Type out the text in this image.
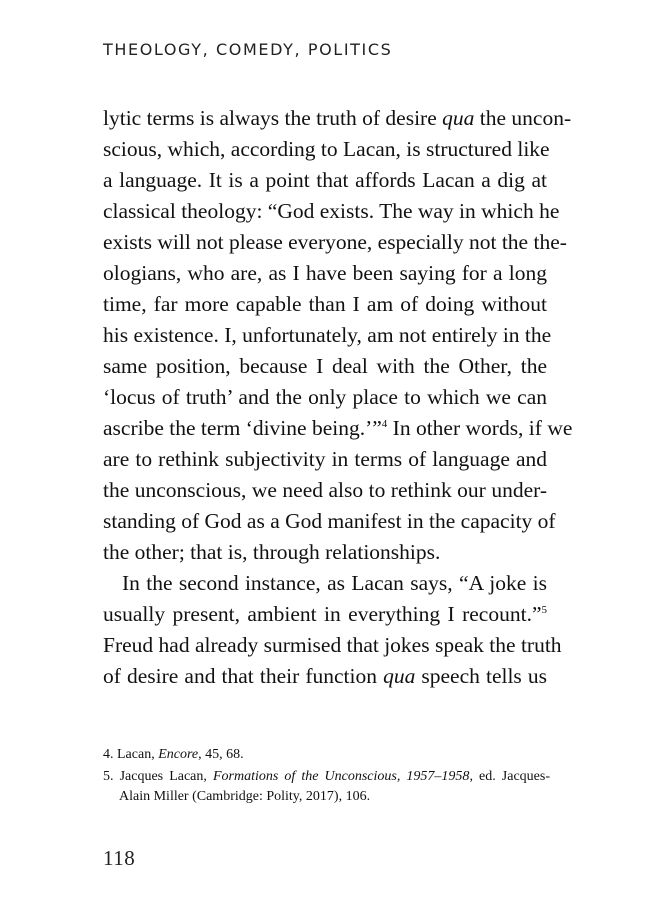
THEOLOGY, COMEDY, POLITICS
lytic terms is always the truth of desire qua the uncon-
scious, which, according to Lacan, is structured like
a language. It is a point that affords Lacan a dig at
classical theology: “God exists. The way in which he
exists will not please everyone, especially not the the-
ologians, who are, as I have been saying for a long
time, far more capable than I am of doing without
his existence. I, unfortunately, am not entirely in the
same position, because I deal with the Other, the
‘locus of truth’ and the only place to which we can
ascribe the term ‘divine being.’”$^4$ In other words, if we
are to rethink subjectivity in terms of language and
the unconscious, we need also to rethink our under-
standing of God as a God manifest in the capacity of
the other; that is, through relationships.
In the second instance, as Lacan says, “A joke is
usually present, ambient in everything I recount.”$^5$
Freud had already surmised that jokes speak the truth
of desire and that their function qua speech tells us
4. Lacan, Encore, 45, 68.
5. Jacques Lacan, Formations of the Unconscious, 1957–1958, ed. Jacques-
Alain Miller (Cambridge: Polity, 2017), 106.
118
